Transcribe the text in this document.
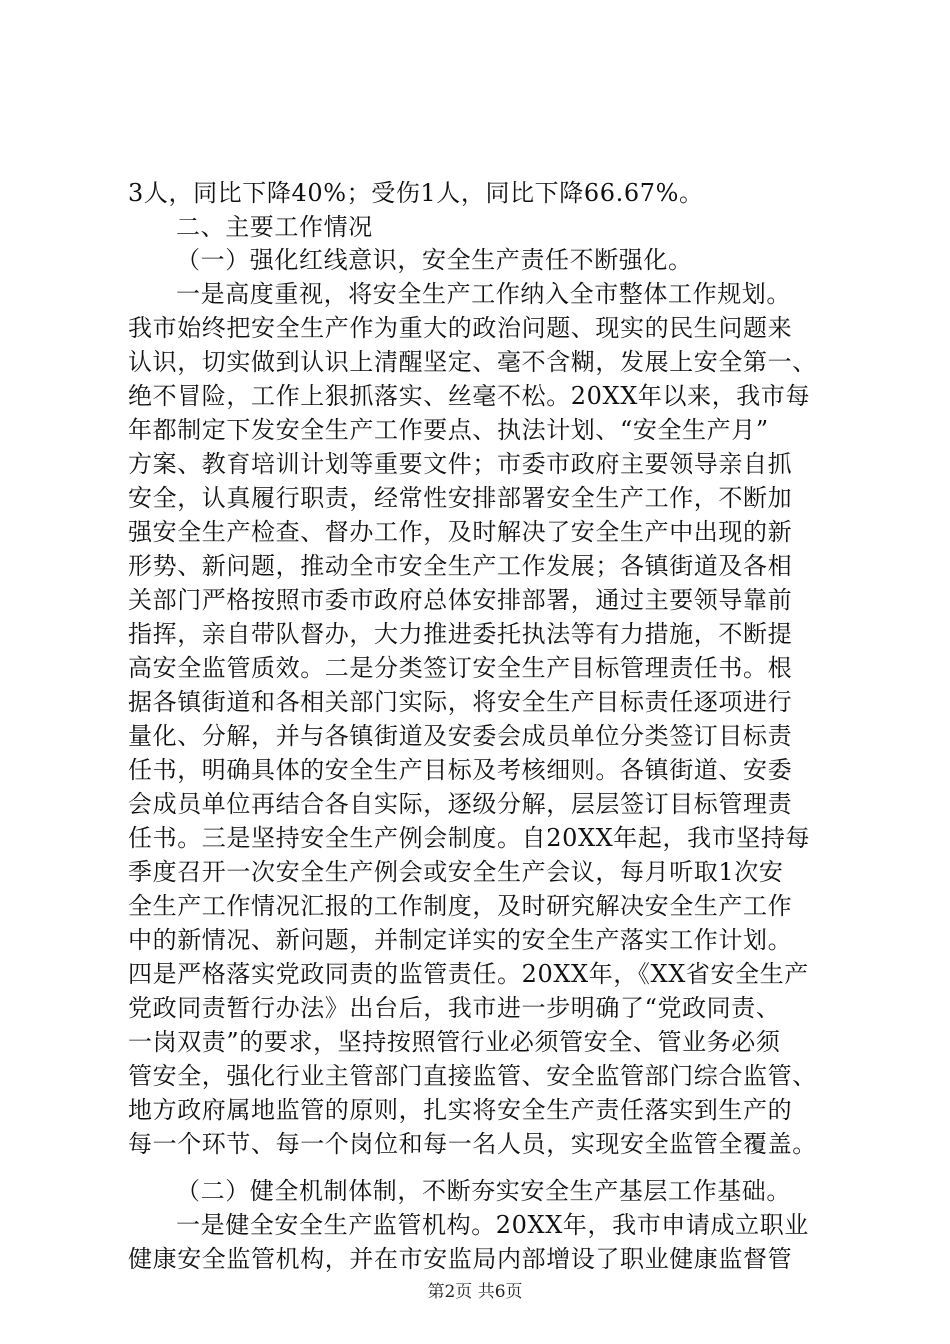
3人，同比下降40%；受伤1人，同比下降66.67%。
二、主要工作情况
（一）强化红线意识，安全生产责任不断强化。
一是高度重视，将安全生产工作纳入全市整体工作规划。
我市始终把安全生产作为重大的政治问题、现实的民生问题来
认识，切实做到认识上清醒坚定、毫不含糊，发展上安全第一、
绝不冒险，工作上狠抓落实、丝毫不松。20XX年以来，我市每
年都制定下发安全生产工作要点、执法计划、“安全生产月”
方案、教育培训计划等重要文件；市委市政府主要领导亲自抓
安全，认真履行职责，经常性安排部署安全生产工作，不断加
强安全生产检查、督办工作，及时解决了安全生产中出现的新
形势、新问题，推动全市安全生产工作发展；各镇街道及各相
关部门严格按照市委市政府总体安排部署，通过主要领导靠前
指挥，亲自带队督办，大力推进委托执法等有力措施，不断提
高安全监管质效。二是分类签订安全生产目标管理责任书。根
据各镇街道和各相关部门实际，将安全生产目标责任逐项进行
量化、分解，并与各镇街道及安委会成员单位分类签订目标责
任书，明确具体的安全生产目标及考核细则。各镇街道、安委
会成员单位再结合各自实际，逐级分解，层层签订目标管理责
任书。三是坚持安全生产例会制度。自20XX年起，我市坚持每
季度召开一次安全生产例会或安全生产会议，每月听取1次安
全生产工作情况汇报的工作制度，及时研究解决安全生产工作
中的新情况、新问题，并制定详实的安全生产落实工作计划。
四是严格落实党政同责的监管责任。20XX年，《XX省安全生产
党政同责暂行办法》出台后，我市进一步明确了“党政同责、
一岗双责”的要求，坚持按照管行业必须管安全、管业务必须
管安全，强化行业主管部门直接监管、安全监管部门综合监管、
地方政府属地监管的原则，扎实将安全生产责任落实到生产的
每一个环节、每一个岗位和每一名人员，实现安全监管全覆盖。
（二）健全机制体制，不断夯实安全生产基层工作基础。
一是健全安全生产监管机构。20XX年，我市申请成立职业
健康安全监管机构，并在市安监局内部增设了职业健康监督管
第2页 共6页
